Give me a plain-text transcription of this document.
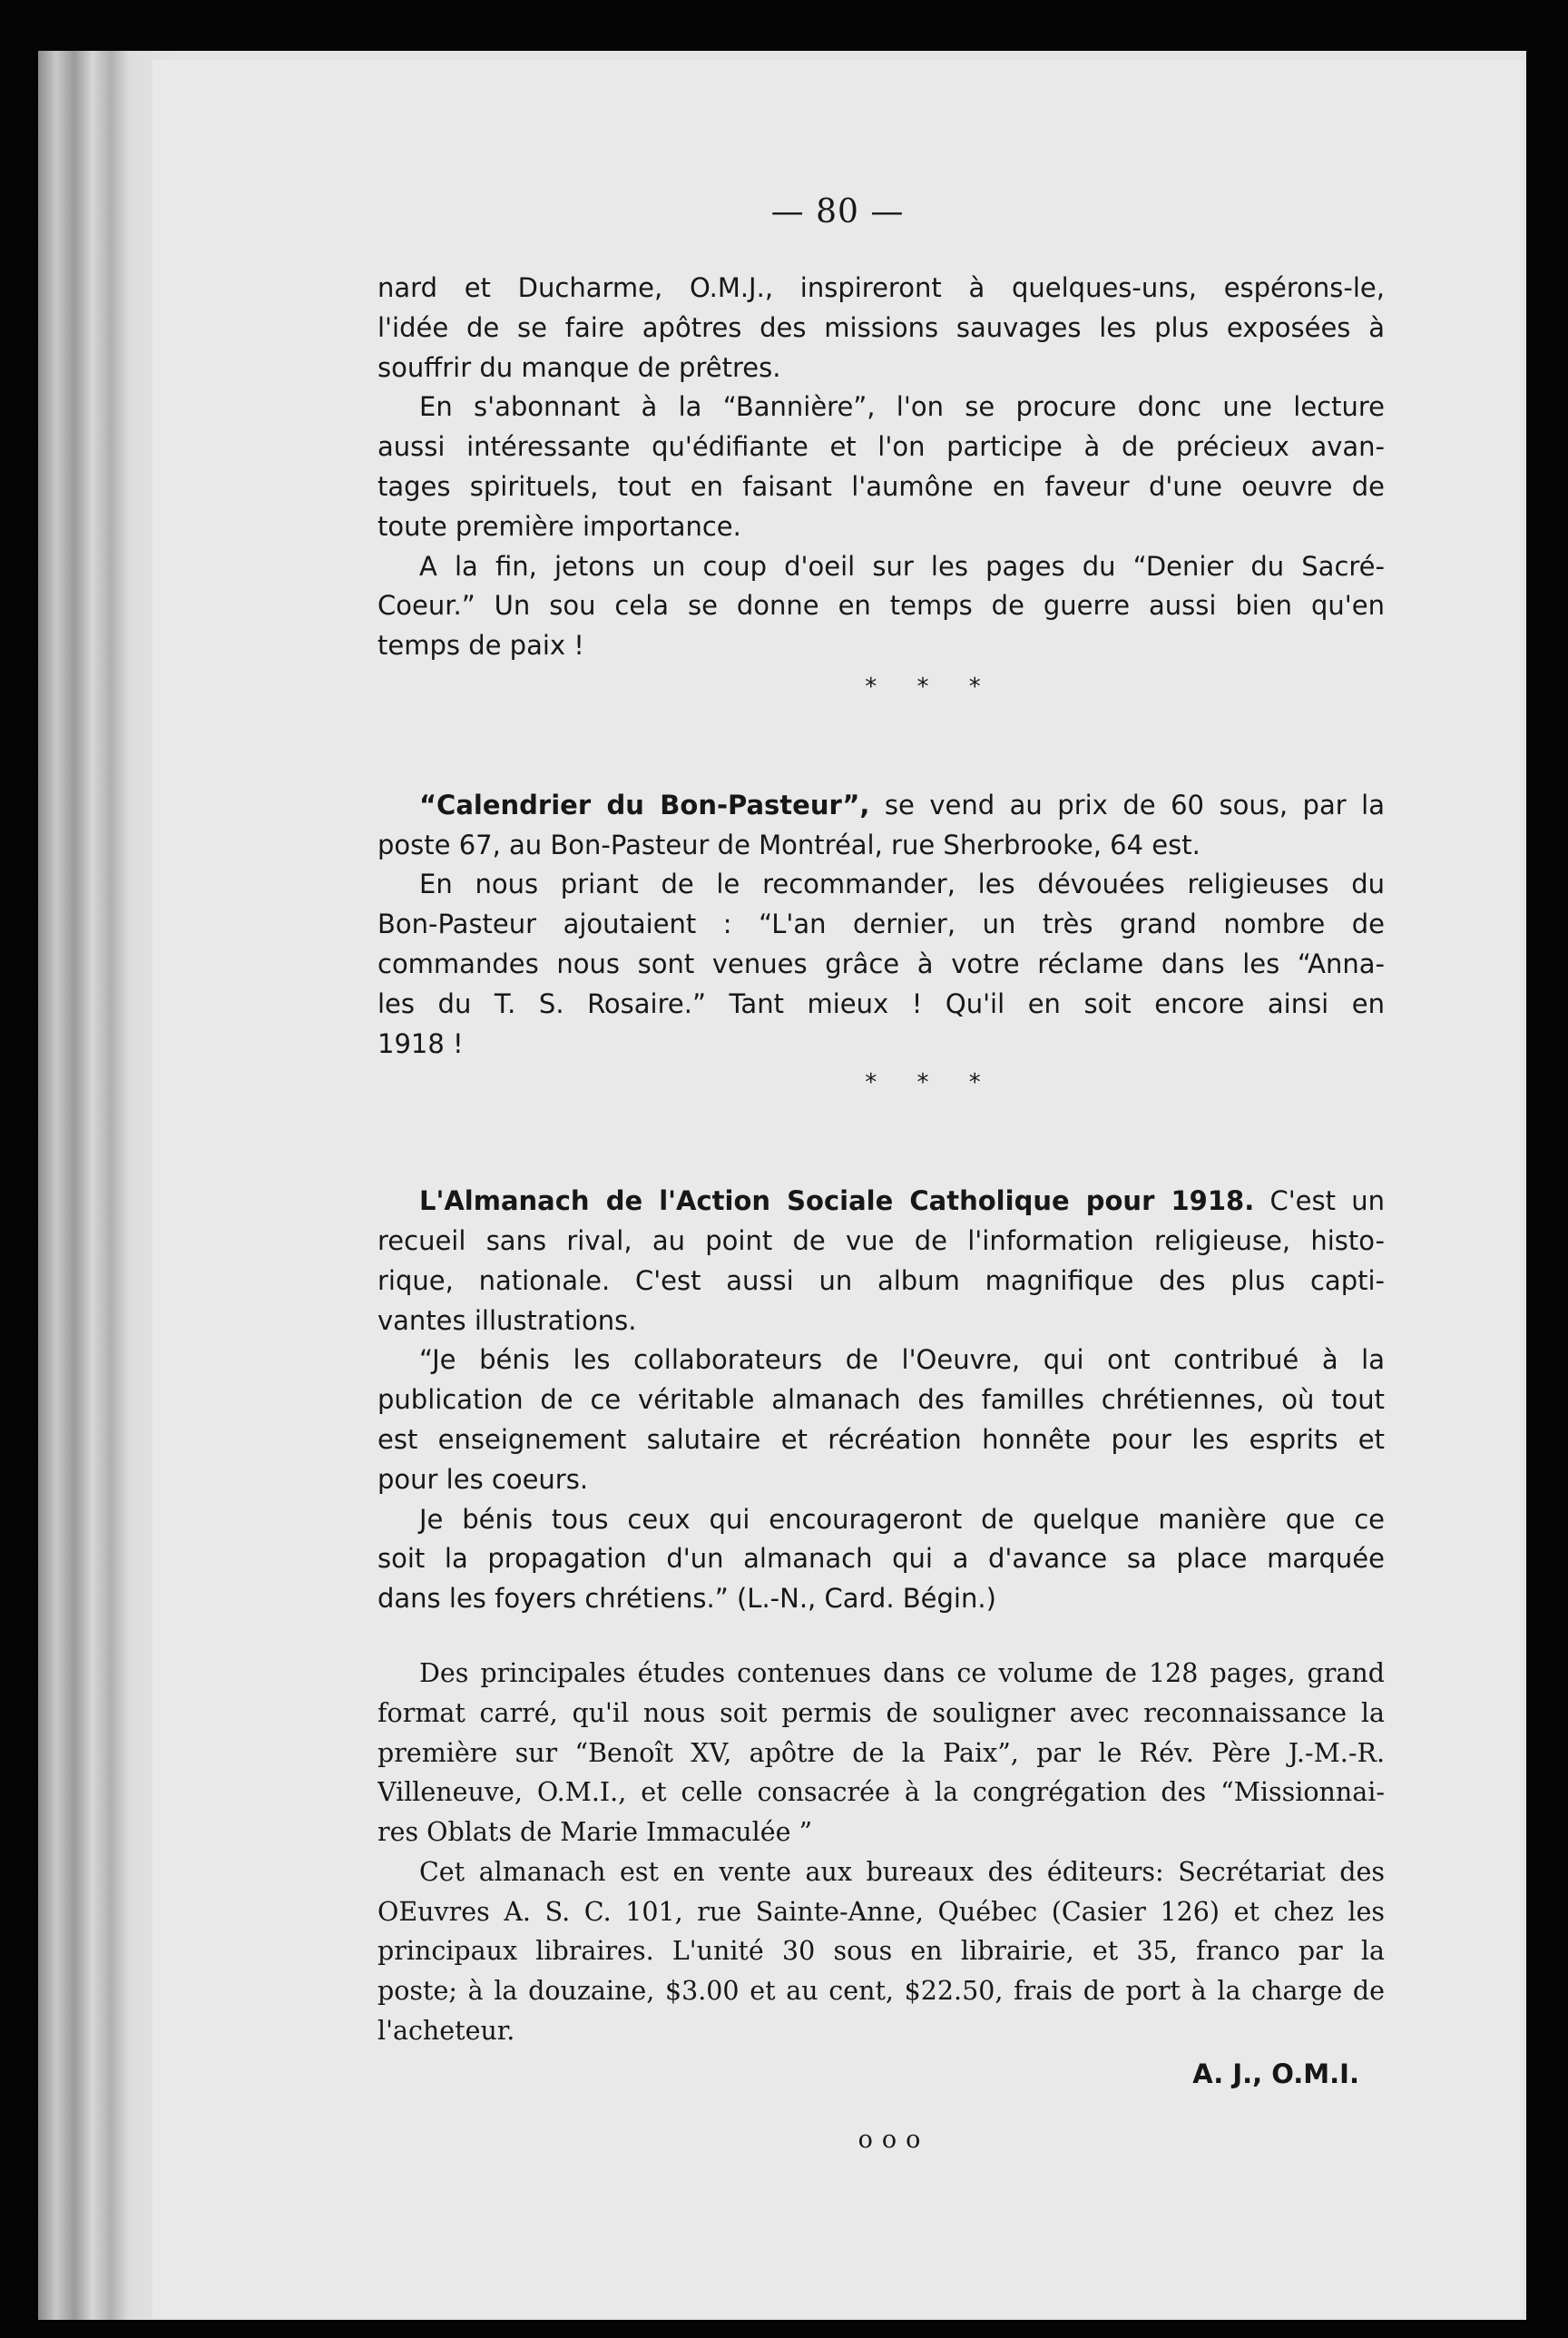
— 80 —
nard et Ducharme, O.M.J., inspireront à quelques-uns, espérons-le,
l'idée de se faire apôtres des missions sauvages les plus exposées à
souffrir du manque de prêtres.
En s'abonnant à la “Bannière”, l'on se procure donc une lecture
aussi intéressante qu'édifiante et l'on participe à de précieux avan-
tages spirituels, tout en faisant l'aumône en faveur d'une oeuvre de
toute première importance.
A la fin, jetons un coup d'oeil sur les pages du “Denier du Sacré-
Coeur.” Un sou cela se donne en temps de guerre aussi bien qu'en
temps de paix !
* * *
“Calendrier du Bon-Pasteur”, se vend au prix de 60 sous, par la
poste 67, au Bon-Pasteur de Montréal, rue Sherbrooke, 64 est.
En nous priant de le recommander, les dévouées religieuses du
Bon-Pasteur ajoutaient : “L'an dernier, un très grand nombre de
commandes nous sont venues grâce à votre réclame dans les “Anna-
les du T. S. Rosaire.” Tant mieux ! Qu'il en soit encore ainsi en
1918 !
* * *
L'Almanach de l'Action Sociale Catholique pour 1918. C'est un
recueil sans rival, au point de vue de l'information religieuse, histo-
rique, nationale. C'est aussi un album magnifique des plus capti-
vantes illustrations.
“Je bénis les collaborateurs de l'Oeuvre, qui ont contribué à la
publication de ce véritable almanach des familles chrétiennes, où tout
est enseignement salutaire et récréation honnête pour les esprits et
pour les coeurs.
Je bénis tous ceux qui encourageront de quelque manière que ce
soit la propagation d'un almanach qui a d'avance sa place marquée
dans les foyers chrétiens.” (L.-N., Card. Bégin.)
Des principales études contenues dans ce volume de 128 pages, grand
format carré, qu'il nous soit permis de souligner avec reconnaissance la
première sur “Benoît XV, apôtre de la Paix”, par le Rév. Père J.-M.-R.
Villeneuve, O.M.I., et celle consacrée à la congrégation des “Missionnai-
res Oblats de Marie Immaculée ”
Cet almanach est en vente aux bureaux des éditeurs: Secrétariat des
OEuvres A. S. C. 101, rue Sainte-Anne, Québec (Casier 126) et chez les
principaux libraires. L'unité 30 sous en librairie, et 35, franco par la
poste; à la douzaine, $3.00 et au cent, $22.50, frais de port à la charge de
l'acheteur.
A. J., O.M.I.
ooo
